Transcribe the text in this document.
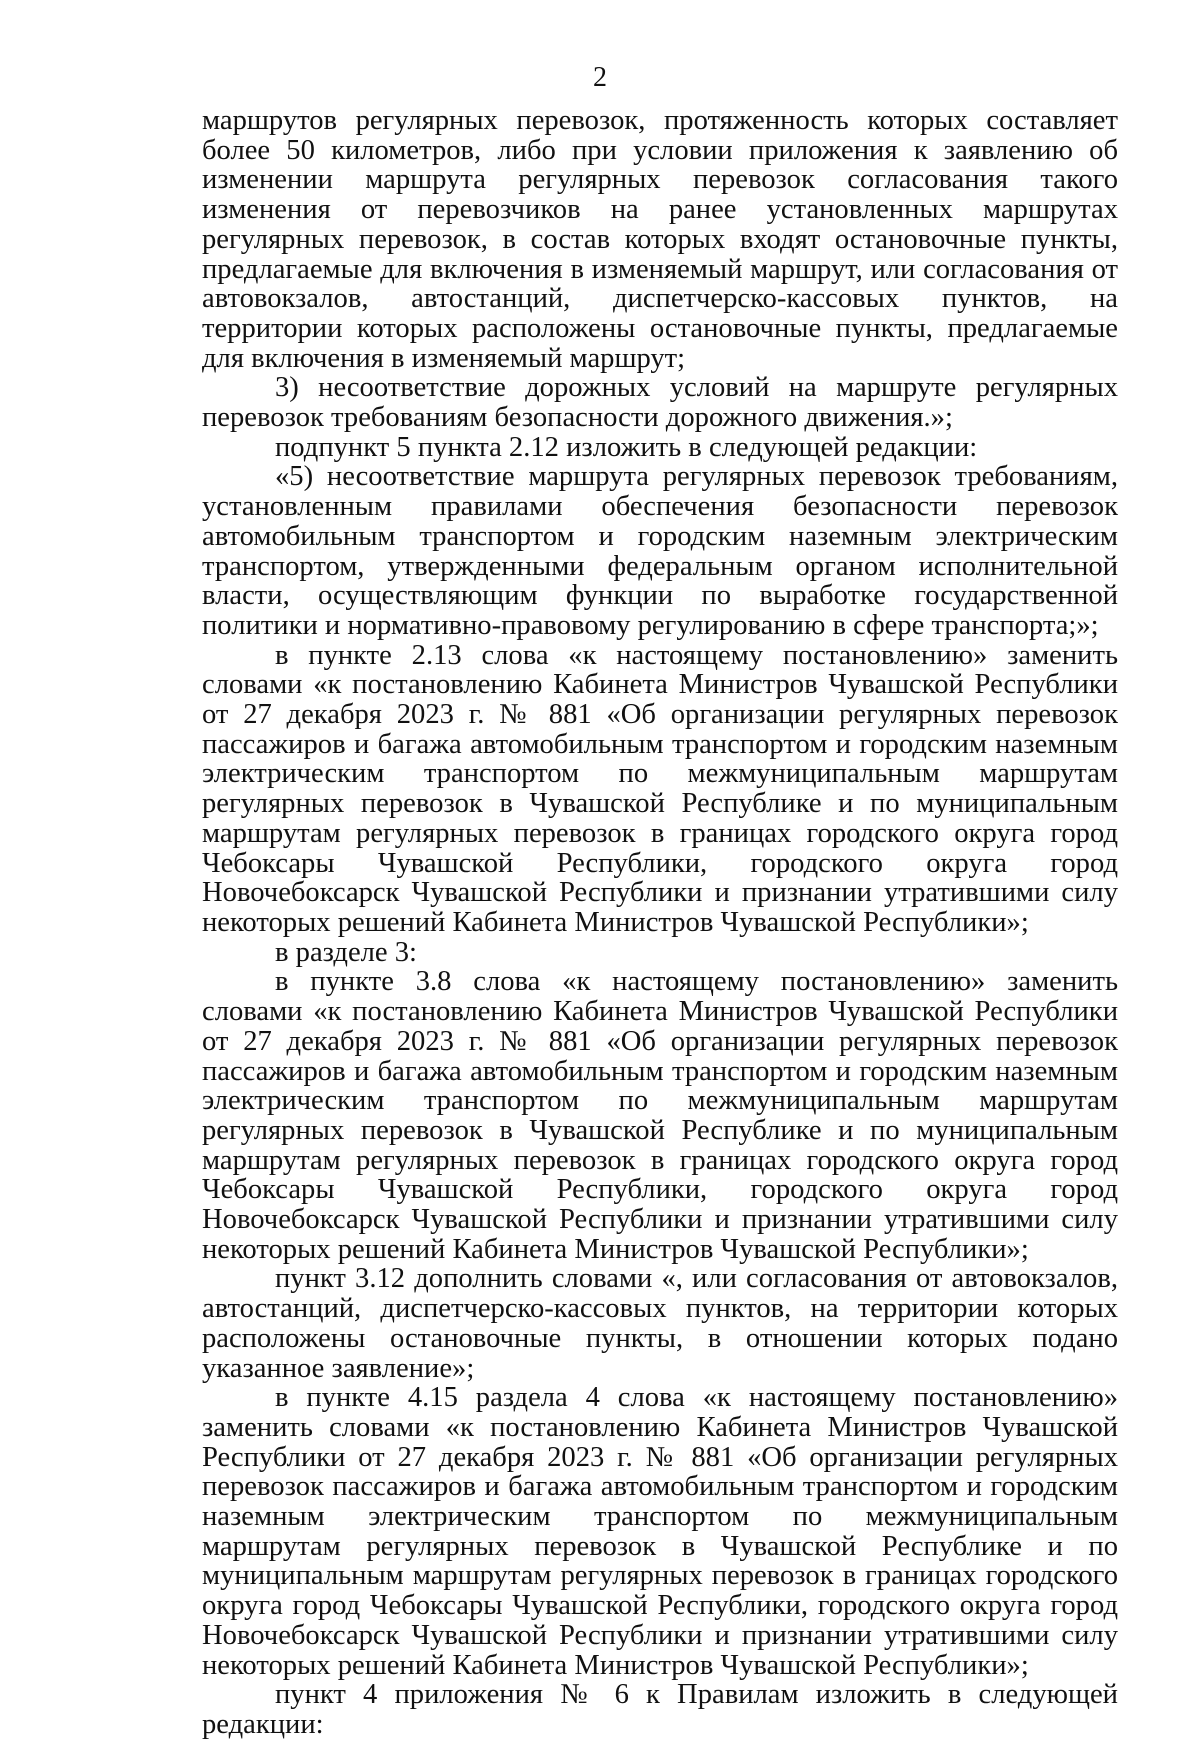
2

маршрутов регулярных перевозок, протяженность которых составляет более 50 километров, либо при условии приложения к заявлению об изменении маршрута регулярных перевозок согласования такого изменения от перевозчиков на ранее установленных маршрутах регулярных перевозок, в состав которых входят остановочные пункты, предлагаемые для включения в изменяемый маршрут, или согласования от автовокзалов, автостанций, диспетчерско-кассовых пунктов, на территории которых расположены остановочные пункты, предлагаемые для включения в изменяемый маршрут;

3) несоответствие дорожных условий на маршруте регулярных перевозок требованиям безопасности дорожного движения.»;

подпункт 5 пункта 2.12 изложить в следующей редакции:

«5) несоответствие маршрута регулярных перевозок требованиям, установленным правилами обеспечения безопасности перевозок автомобильным транспортом и городским наземным электрическим транспортом, утвержденными федеральным органом исполнительной власти, осуществляющим функции по выработке государственной политики и нормативно-правовому регулированию в сфере транспорта;»;

в пункте 2.13 слова «к настоящему постановлению» заменить словами «к постановлению Кабинета Министров Чувашской Республики от 27 декабря 2023 г. № 881 «Об организации регулярных перевозок пассажиров и багажа автомобильным транспортом и городским наземным электрическим транспортом по межмуниципальным маршрутам регулярных перевозок в Чувашской Республике и по муниципальным маршрутам регулярных перевозок в границах городского округа город Чебоксары Чувашской Республики, городского округа город Новочебоксарск Чувашской Республики и признании утратившими силу некоторых решений Кабинета Министров Чувашской Республики»;

в разделе 3:

в пункте 3.8 слова «к настоящему постановлению» заменить словами «к постановлению Кабинета Министров Чувашской Республики от 27 декабря 2023 г. № 881 «Об организации регулярных перевозок пассажиров и багажа автомобильным транспортом и городским наземным электрическим транспортом по межмуниципальным маршрутам регулярных перевозок в Чувашской Республике и по муниципальным маршрутам регулярных перевозок в границах городского округа город Чебоксары Чувашской Республики, городского округа город Новочебоксарск Чувашской Республики и признании утратившими силу некоторых решений Кабинета Министров Чувашской Республики»;

пункт 3.12 дополнить словами «, или согласования от автовокзалов, автостанций, диспетчерско-кассовых пунктов, на территории которых расположены остановочные пункты, в отношении которых подано указанное заявление»;

в пункте 4.15 раздела 4 слова «к настоящему постановлению» заменить словами «к постановлению Кабинета Министров Чувашской Республики от 27 декабря 2023 г. № 881 «Об организации регулярных перевозок пассажиров и багажа автомобильным транспортом и городским наземным электрическим транспортом по межмуниципальным маршрутам регулярных перевозок в Чувашской Республике и по муниципальным маршрутам регулярных перевозок в границах городского округа город Чебоксары Чувашской Республики, городского округа город Новочебоксарск Чувашской Республики и признании утратившими силу некоторых решений Кабинета Министров Чувашской Республики»;

пункт 4 приложения № 6 к Правилам изложить в следующей редакции:
